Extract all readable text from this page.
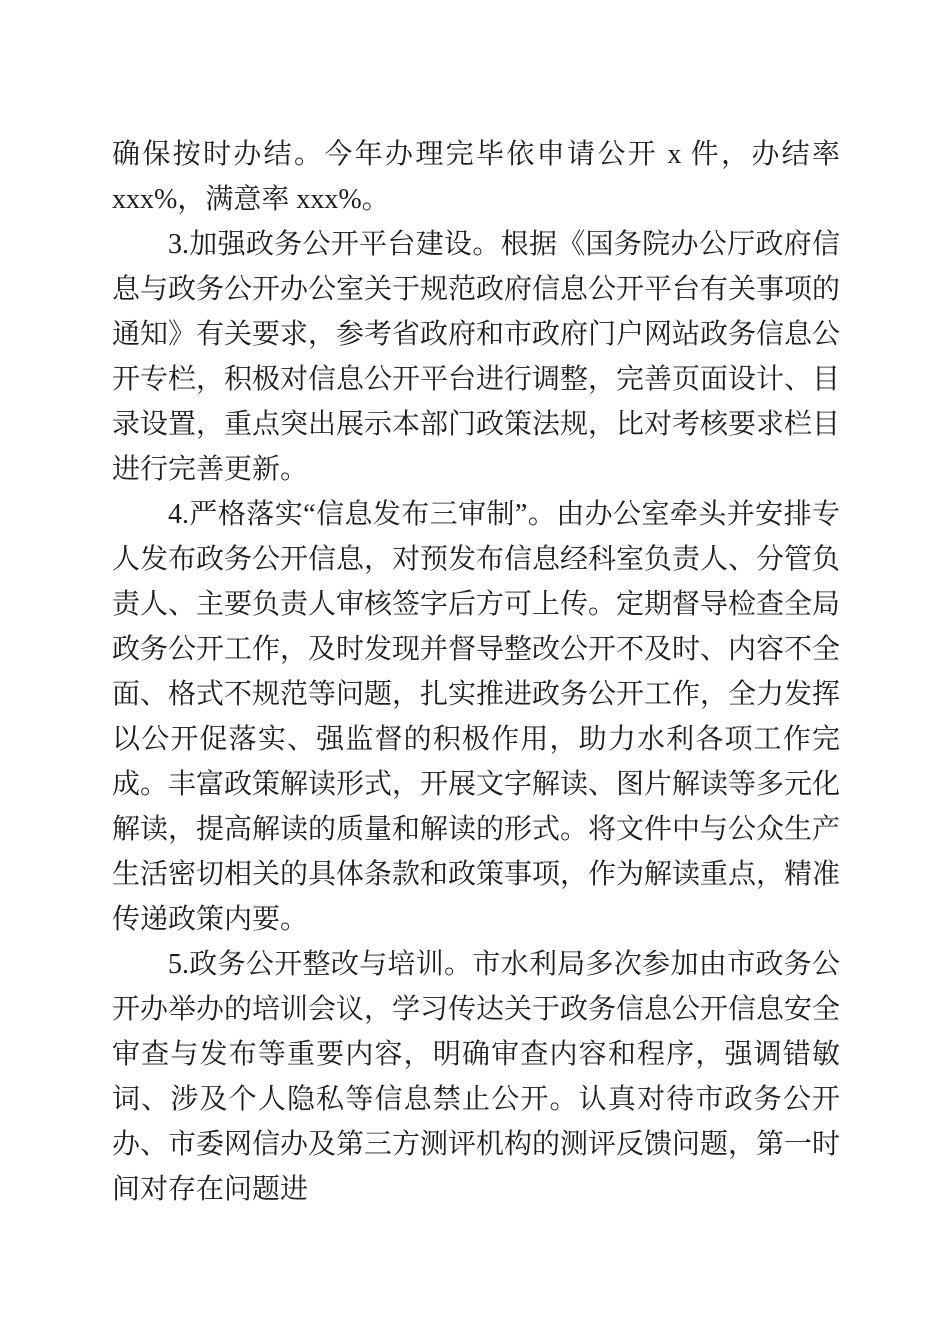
确保按时办结。今年办理完毕依申请公开 x 件，办结率 xxx%，满意率 xxx%。

3.加强政务公开平台建设。根据《国务院办公厅政府信息与政务公开办公室关于规范政府信息公开平台有关事项的通知》有关要求，参考省政府和市政府门户网站政务信息公开专栏，积极对信息公开平台进行调整，完善页面设计、目录设置，重点突出展示本部门政策法规，比对考核要求栏目进行完善更新。

4.严格落实“信息发布三审制”。由办公室牵头并安排专人发布政务公开信息，对预发布信息经科室负责人、分管负责人、主要负责人审核签字后方可上传。定期督导检查全局政务公开工作，及时发现并督导整改公开不及时、内容不全面、格式不规范等问题，扎实推进政务公开工作，全力发挥以公开促落实、强监督的积极作用，助力水利各项工作完成。丰富政策解读形式，开展文字解读、图片解读等多元化解读，提高解读的质量和解读的形式。将文件中与公众生产生活密切相关的具体条款和政策事项，作为解读重点，精准传递政策内要。

5.政务公开整改与培训。市水利局多次参加由市政务公开办举办的培训会议，学习传达关于政务信息公开信息安全审查与发布等重要内容，明确审查内容和程序，强调错敏词、涉及个人隐私等信息禁止公开。认真对待市政务公开办、市委网信办及第三方测评机构的测评反馈问题，第一时间对存在问题进
